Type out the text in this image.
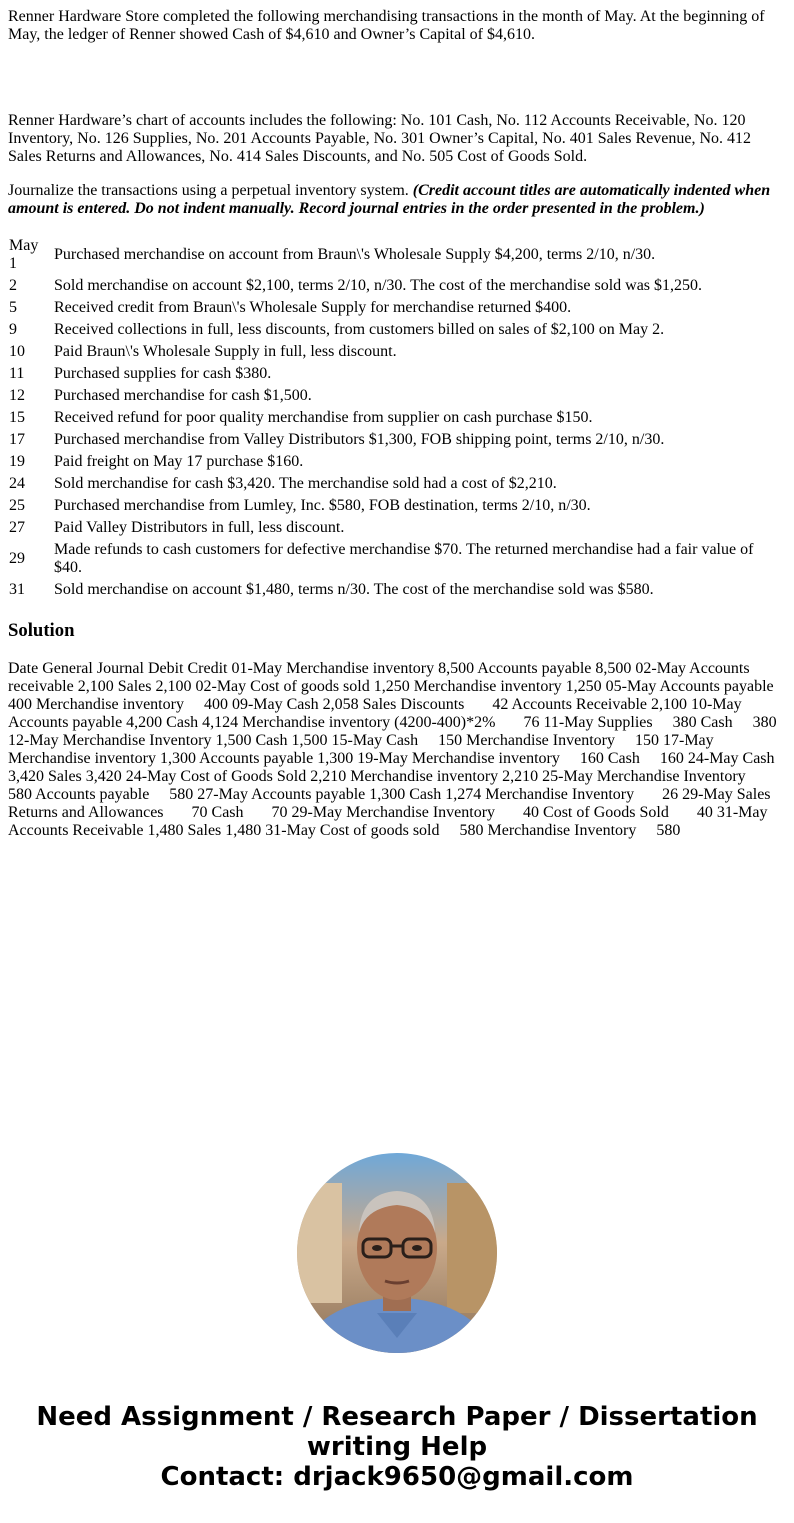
Renner Hardware Store completed the following merchandising transactions in the month of May. At the beginning of May, the ledger of Renner showed Cash of $4,610 and Owner’s Capital of $4,610.

Renner Hardware’s chart of accounts includes the following: No. 101 Cash, No. 112 Accounts Receivable, No. 120 Inventory, No. 126 Supplies, No. 201 Accounts Payable, No. 301 Owner’s Capital, No. 401 Sales Revenue, No. 412 Sales Returns and Allowances, No. 414 Sales Discounts, and No. 505 Cost of Goods Sold.

Journalize the transactions using a perpetual inventory system. (Credit account titles are automatically indented when amount is entered. Do not indent manually. Record journal entries in the order presented in the problem.)

May 1	Purchased merchandise on account from Braun\'s Wholesale Supply $4,200, terms 2/10, n/30.
2	Sold merchandise on account $2,100, terms 2/10, n/30. The cost of the merchandise sold was $1,250.
5	Received credit from Braun\'s Wholesale Supply for merchandise returned $400.
9	Received collections in full, less discounts, from customers billed on sales of $2,100 on May 2.
10	Paid Braun\'s Wholesale Supply in full, less discount.
11	Purchased supplies for cash $380.
12	Purchased merchandise for cash $1,500.
15	Received refund for poor quality merchandise from supplier on cash purchase $150.
17	Purchased merchandise from Valley Distributors $1,300, FOB shipping point, terms 2/10, n/30.
19	Paid freight on May 17 purchase $160.
24	Sold merchandise for cash $3,420. The merchandise sold had a cost of $2,210.
25	Purchased merchandise from Lumley, Inc. $580, FOB destination, terms 2/10, n/30.
27	Paid Valley Distributors in full, less discount.
29	Made refunds to cash customers for defective merchandise $70. The returned merchandise had a fair value of $40.
31	Sold merchandise on account $1,480, terms n/30. The cost of the merchandise sold was $580.
Solution

Date General Journal Debit Credit 01-May Merchandise inventory 8,500 Accounts payable 8,500 02-May Accounts receivable 2,100 Sales 2,100 02-May Cost of goods sold 1,250 Merchandise inventory 1,250 05-May Accounts payable     400 Merchandise inventory     400 09-May Cash 2,058 Sales Discounts       42 Accounts Receivable 2,100 10-May Accounts payable 4,200 Cash 4,124 Merchandise inventory (4200-400)*2%       76 11-May Supplies     380 Cash     380 12-May Merchandise Inventory 1,500 Cash 1,500 15-May Cash     150 Merchandise Inventory     150 17-May Merchandise inventory 1,300 Accounts payable 1,300 19-May Merchandise inventory     160 Cash     160 24-May Cash 3,420 Sales 3,420 24-May Cost of Goods Sold 2,210 Merchandise inventory 2,210 25-May Merchandise Inventory     580 Accounts payable     580 27-May Accounts payable 1,300 Cash 1,274 Merchandise Inventory       26 29-May Sales Returns and Allowances       70 Cash       70 29-May Merchandise Inventory       40 Cost of Goods Sold       40 31-May Accounts Receivable 1,480 Sales 1,480 31-May Cost of goods sold     580 Merchandise Inventory     580

Need Assignment / Research Paper / Dissertation
writing Help
Contact: drjack9650@gmail.com
